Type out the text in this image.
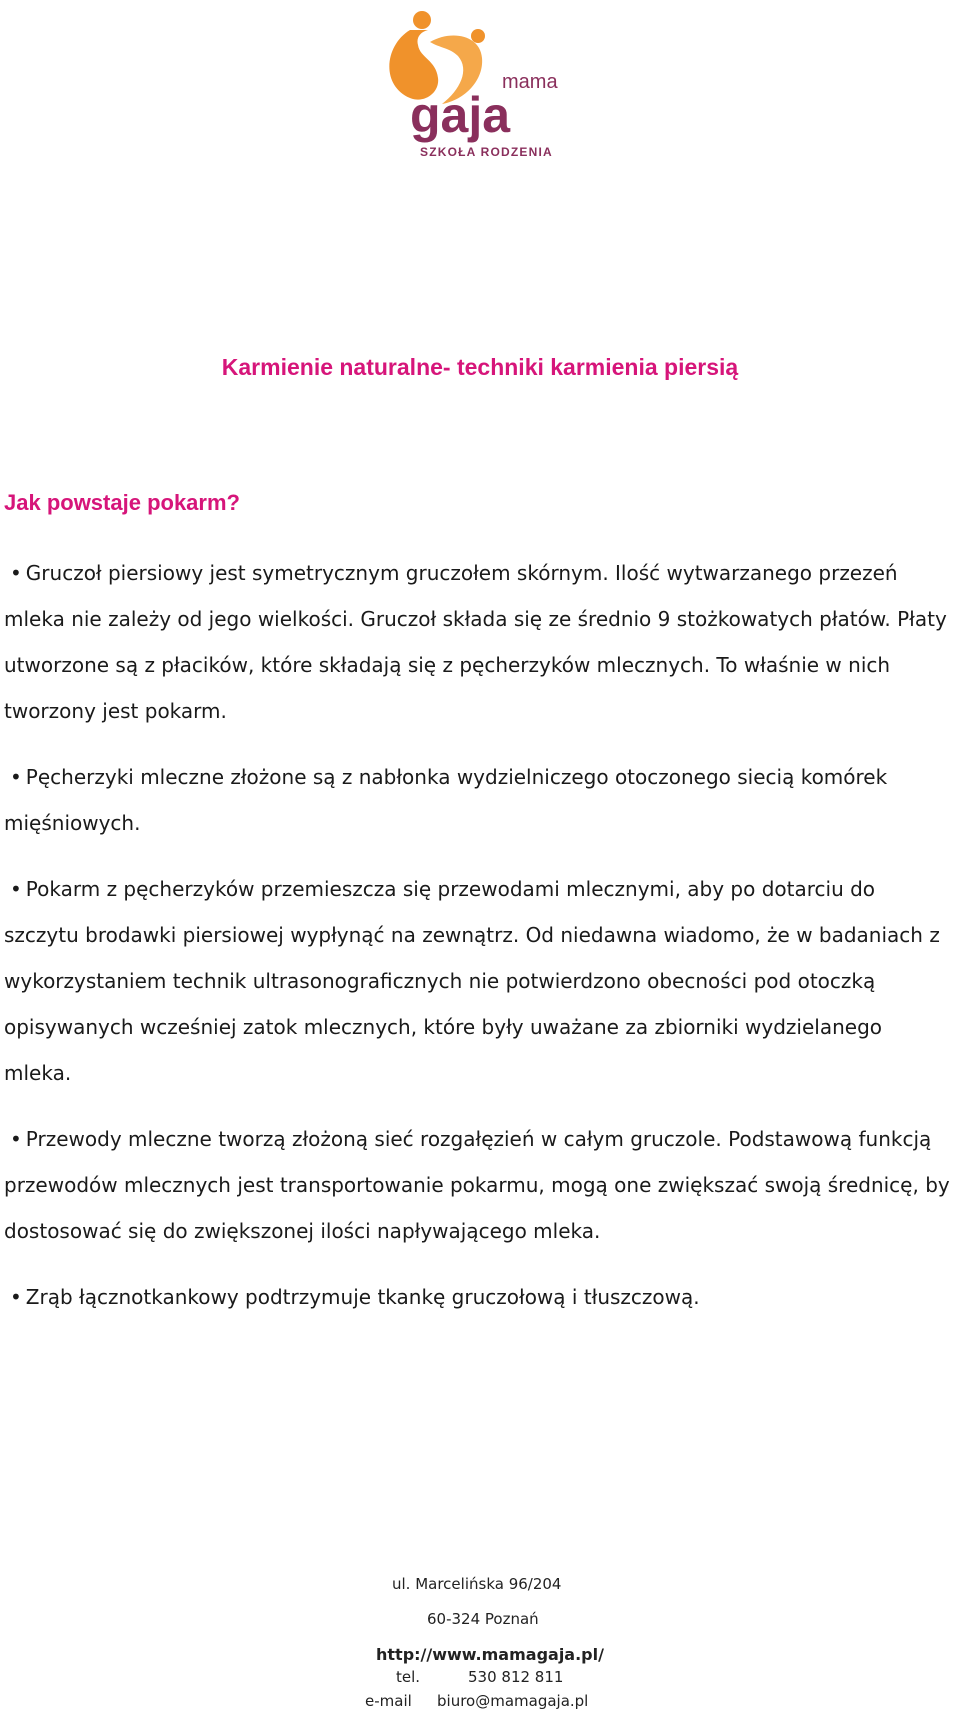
mama
gaja
SZKOŁA RODZENIA
Karmienie naturalne- techniki karmienia piersią
Jak powstaje pokarm?

• Gruczoł piersiowy jest symetrycznym gruczołem skórnym. Ilość wytwarzanego przezeń mleka nie zależy od jego wielkości. Gruczoł składa się ze średnio 9 stożkowatych płatów. Płaty utworzone są z płacików, które składają się z pęcherzyków mlecznych. To właśnie w nich tworzony jest pokarm.

• Pęcherzyki mleczne złożone są z nabłonka wydzielniczego otoczonego siecią komórek mięśniowych.

• Pokarm z pęcherzyków przemieszcza się przewodami mlecznymi, aby po dotarciu do szczytu brodawki piersiowej wypłynąć na zewnątrz. Od niedawna wiadomo, że w badaniach z wykorzystaniem technik ultrasonograficznych nie potwierdzono obecności pod otoczką opisywanych wcześniej zatok mlecznych, które były uważane za zbiorniki wydzielanego mleka.

• Przewody mleczne tworzą złożoną sieć rozgałęzień w całym gruczole. Podstawową funkcją przewodów mlecznych jest transportowanie pokarmu, mogą one zwiększać swoją średnicę, by dostosować się do zwiększonej ilości napływającego mleka.

• Zrąb łącznotkankowy podtrzymuje tkankę gruczołową i tłuszczową.

ul. Marcelińska 96/204
60-324 Poznań
http://www.mamagaja.pl/
tel.	530 812 811
e-mail biuro@mamagaja.pl
